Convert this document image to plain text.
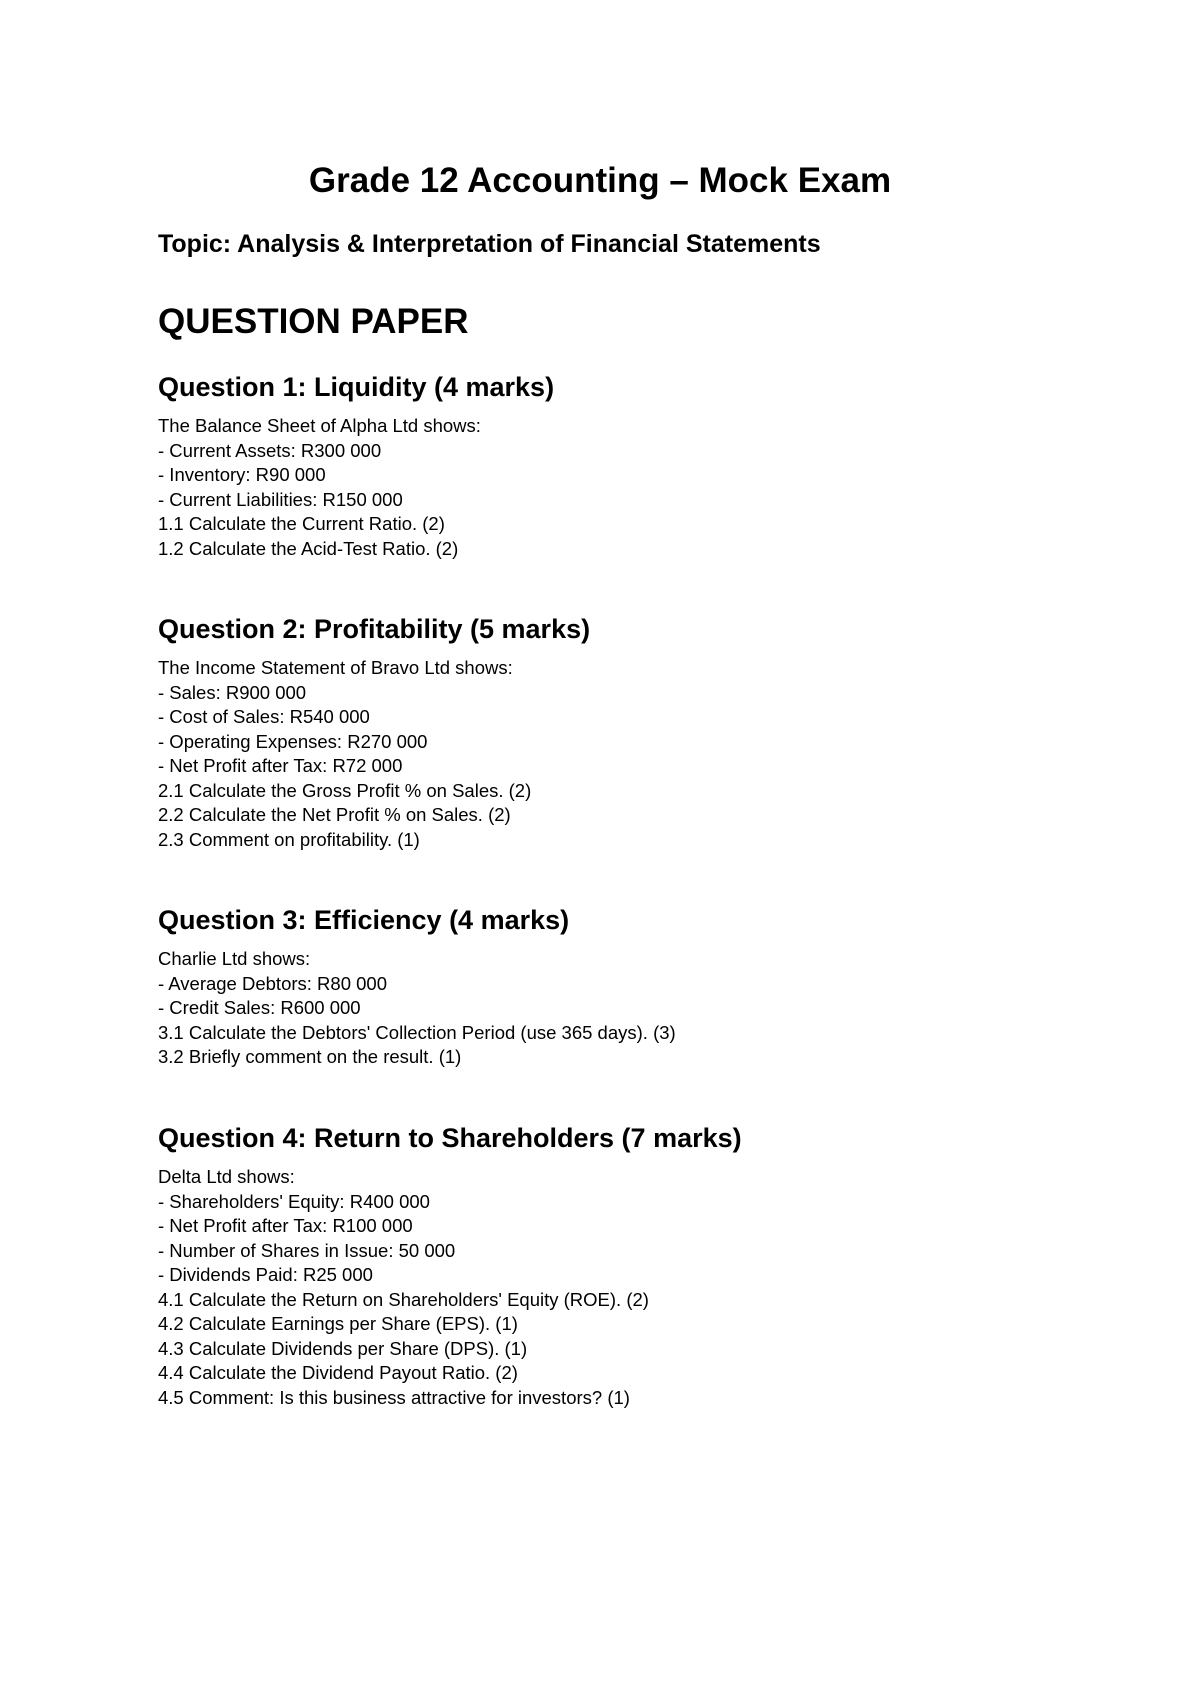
Grade 12 Accounting – Mock Exam
Topic: Analysis & Interpretation of Financial Statements
QUESTION PAPER
Question 1: Liquidity (4 marks)
The Balance Sheet of Alpha Ltd shows:
- Current Assets: R300 000
- Inventory: R90 000
- Current Liabilities: R150 000
1.1 Calculate the Current Ratio. (2)
1.2 Calculate the Acid-Test Ratio. (2)
Question 2: Profitability (5 marks)
The Income Statement of Bravo Ltd shows:
- Sales: R900 000
- Cost of Sales: R540 000
- Operating Expenses: R270 000
- Net Profit after Tax: R72 000
2.1 Calculate the Gross Profit % on Sales. (2)
2.2 Calculate the Net Profit % on Sales. (2)
2.3 Comment on profitability. (1)
Question 3: Efficiency (4 marks)
Charlie Ltd shows:
- Average Debtors: R80 000
- Credit Sales: R600 000
3.1 Calculate the Debtors' Collection Period (use 365 days). (3)
3.2 Briefly comment on the result. (1)
Question 4: Return to Shareholders (7 marks)
Delta Ltd shows:
- Shareholders' Equity: R400 000
- Net Profit after Tax: R100 000
- Number of Shares in Issue: 50 000
- Dividends Paid: R25 000
4.1 Calculate the Return on Shareholders' Equity (ROE). (2)
4.2 Calculate Earnings per Share (EPS). (1)
4.3 Calculate Dividends per Share (DPS). (1)
4.4 Calculate the Dividend Payout Ratio. (2)
4.5 Comment: Is this business attractive for investors? (1)
